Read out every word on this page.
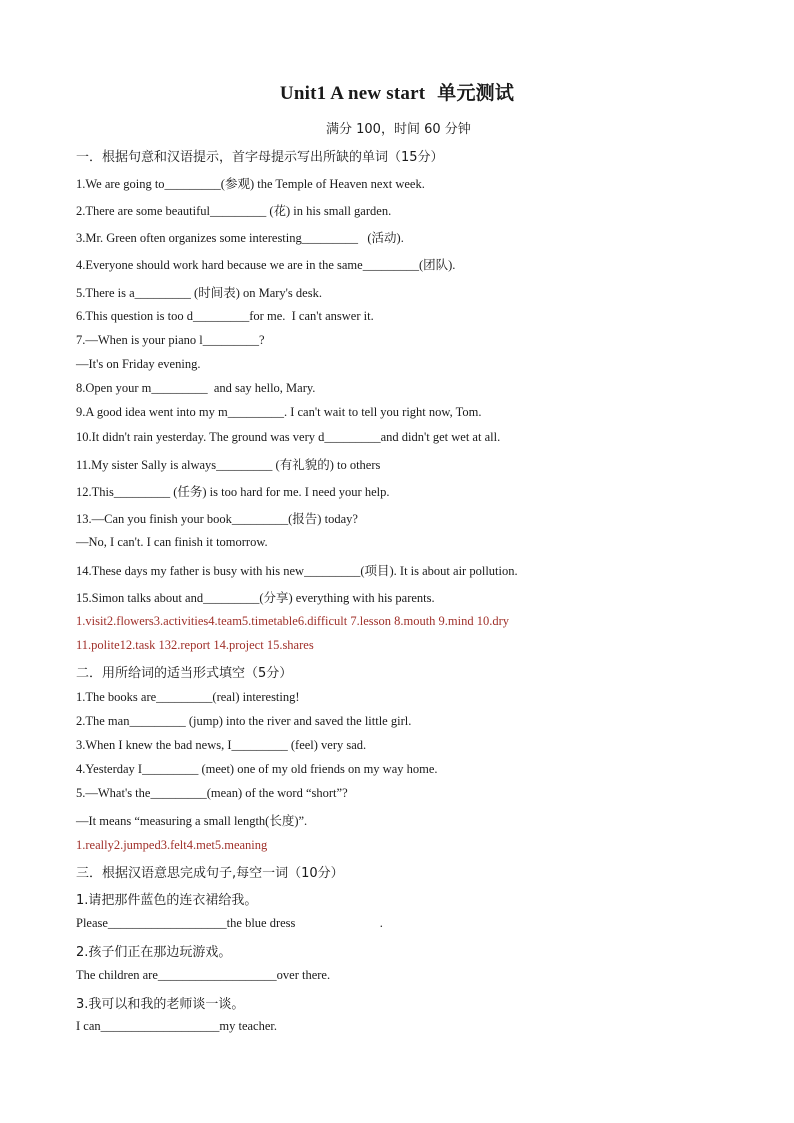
Unit1 A new start 单元测试
满分 100，时间 60 分钟
一．根据句意和汉语提示，首字母提示写出所缺的单词（15分）
1.We are going to_________(参观) the Temple of Heaven next week.
2.There are some beautiful_________ (花) in his small garden.
3.Mr. Green often organizes some interesting_________   (活动).
4.Everyone should work hard because we are in the same_________(团队).
5.There is a_________ (时间表) on Mary's desk.
6.This question is too d_________for me.  I can't answer it.
7.—When is your piano l_________?
—It's on Friday evening.
8.Open your m_________  and say hello, Mary.
9.A good idea went into my m_________. I can't wait to tell you right now, Tom.
10.It didn't rain yesterday. The ground was very d_________and didn't get wet at all.
11.My sister Sally is always_________ (有礼貌的) to others
12.This_________ (任务) is too hard for me. I need your help.
13.—Can you finish your book_________(报告) today?
—No, I can't. I can finish it tomorrow.
14.These days my father is busy with his new_________(项目). It is about air pollution.
15.Simon talks about and_________(分享) everything with his parents.
1.visit2.flowers3.activities4.team5.timetable6.difficult 7.lesson 8.mouth 9.mind 10.dry
11.polite12.task 132.report 14.project 15.shares
二．用所给词的适当形式填空（5分）
1.The books are_________(real) interesting!
2.The man_________ (jump) into the river and saved the little girl.
3.When I knew the bad news, I_________ (feel) very sad.
4.Yesterday I_________ (meet) one of my old friends on my way home.
5.—What's the_________(mean) of the word “short”?
—It means “measuring a small length(长度)”.
1.really2.jumped3.felt4.met5.meaning
三．根据汉语意思完成句子,每空一词（10分）
1.请把那件蓝色的连衣裙给我。
Please___________________the blue dress                           .
2.孩子们正在那边玩游戏。
The children are___________________over there.
3.我可以和我的老师谈一谈。
I can___________________my teacher.
